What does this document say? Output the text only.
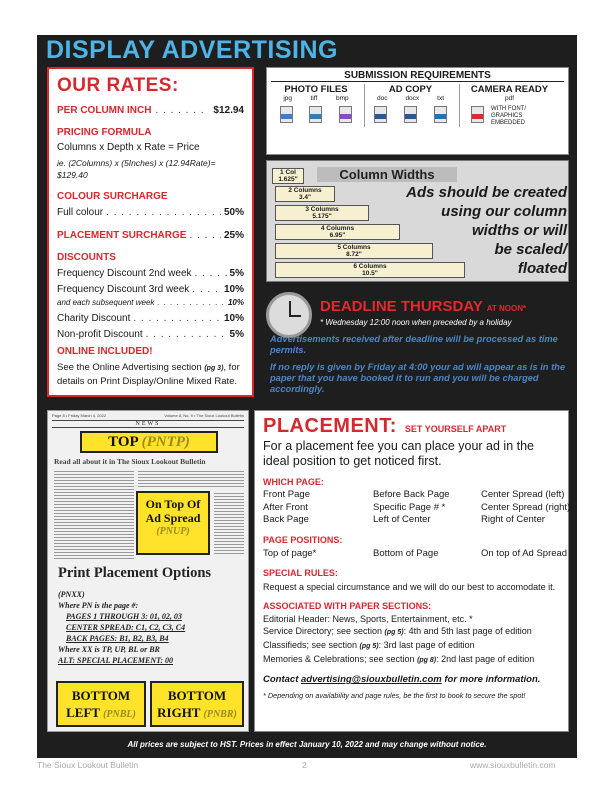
DISPLAY ADVERTISING
OUR RATES:
PER COLUMN INCH . . .	$12.94
PRICING FORMULA
Columns x Depth x Rate = Price
ie. (2Columns) x (5Inches) x (12.94Rate)= $129.40
COLOUR SURCHARGE
Full colour . . .	50%
PLACEMENT SURCHARGE . . .	25%
DISCOUNTS
Frequency Discount 2nd week . . .	5%
Frequency Discount 3rd week . . .	10%
and each subsequent week . . .	10%
Charity Discount . . .	10%
Non-profit Discount . . .	5%
ONLINE INCLUDED!
See the Online Advertising section (pg 3), for details on Print Display/Online Mixed Rate.
SUBMISSION REQUIREMENTS
PHOTO FILES
jpg	tiff	bmp
AD COPY
doc	docx	txt
CAMERA READY
pdf
WITH FONT/
GRAPHICS
EMBEDDED
Column Widths
1 Col
1.625"
2 Columns
3.4"
3 Columns
5.175"
4 Columns
6.95"
5 Columns
8.72"
6 Columns
10.5"
Ads should be created
using our column
widths or will
be scaled/
floated
DEADLINE THURSDAY AT NOON*
* Wednesday 12:00 noon when preceded by a holiday
Advertisements received after deadline will be processed as time permits.
If no reply is given by Friday at 4:00 your ad will appear as is in the paper that you have booked it to run and you will be charged accordingly.
Page 8 • Friday March 4, 2022	Volume 8, No. 9 • The Sioux Lookout Bulletin
NEWS
TOP (PNTP)
Read all about it in The Sioux Lookout Bulletin
On Top Of
Ad Spread
(PNUP)
Print Placement Options
(PNXX)
Where PN is the page #:
PAGES 1 THROUGH 3: 01, 02, 03
CENTER SPREAD: C1, C2, C3, C4
BACK PAGES: B1, B2, B3, B4
Where XX is TP, UP, BL or BR
ALT: SPECIAL PLACEMENT: 00
BOTTOM
LEFT (PNBL)
BOTTOM
RIGHT (PNBR)
PLACEMENT: SET YOURSELF APART
For a placement fee you can place your ad in the ideal position to get noticed first.
WHICH PAGE:
Front Page	Before Back Page	Center Spread (left)
After Front	Specific Page # *	Center Spread (right)
Back Page	Left of Center	Right of Center
PAGE POSITIONS:
Top of page*	Bottom of Page	On top of Ad Spread
SPECIAL RULES:
Request a special circumstance and we will do our best to accomodate it.
ASSOCIATED WITH PAPER SECTIONS:
Editorial Header: News, Sports, Entertainment, etc. *
Service Directory; see section (pg 5): 4th and 5th last page of edition
Classifieds; see section (pg 5): 3rd last page of edition
Memories & Celebrations; see section (pg 8): 2nd last page of edition
Contact advertising@siouxbulletin.com for more information.
* Depending on availability and page rules, be the first to book to secure the spot!
All prices are subject to HST. Prices in effect January 10, 2022 and may change without notice.
The Sioux Lookout Bulletin	2	www.siouxbulletin.com
